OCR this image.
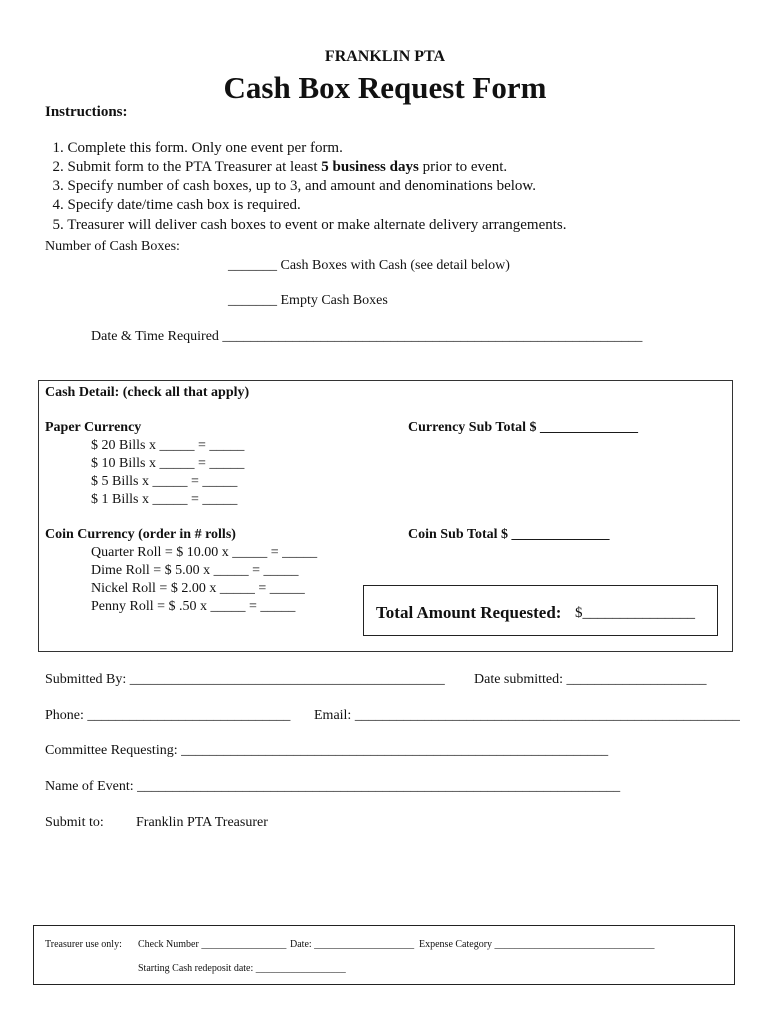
FRANKLIN PTA
Cash Box Request Form
Instructions:

1. Complete this form. Only one event per form.

2. Submit form to the PTA Treasurer at least 5 business days prior to event.

3. Specify number of cash boxes, up to 3, and amount and denominations below.

4. Specify date/time cash box is required.

5. Treasurer will deliver cash boxes to event or make alternate delivery arrangements.

Number of Cash Boxes:
_______ Cash Boxes with Cash (see detail below)
_______ Empty Cash Boxes
Date & Time Required ____________________________________________________________
Cash Detail: (check all that apply)
Paper Currency
$ 20 Bills x _____ = _____
$ 10 Bills x _____ = _____
$ 5 Bills x _____ = _____
$ 1 Bills x _____ = _____
Currency Sub Total $ ______________
Coin Currency (order in # rolls)
Quarter Roll = $ 10.00 x _____ = _____
Dime Roll = $ 5.00 x _____ = _____
Nickel Roll = $ 2.00 x _____ = _____
Penny Roll = $ .50 x _____ = _____
Coin Sub Total $ ______________
Total Amount Requested: $_______________
Submitted By: _____________________________________________ Date submitted: ____________________
Phone: _____________________________ Email: _______________________________________________________
Committee Requesting: _____________________________________________________________
Name of Event: _____________________________________________________________________
Submit to: Franklin PTA Treasurer
Treasurer use only: Check Number _________________ Date: ____________________ Expense Category ________________________________
Starting Cash redeposit date: __________________
